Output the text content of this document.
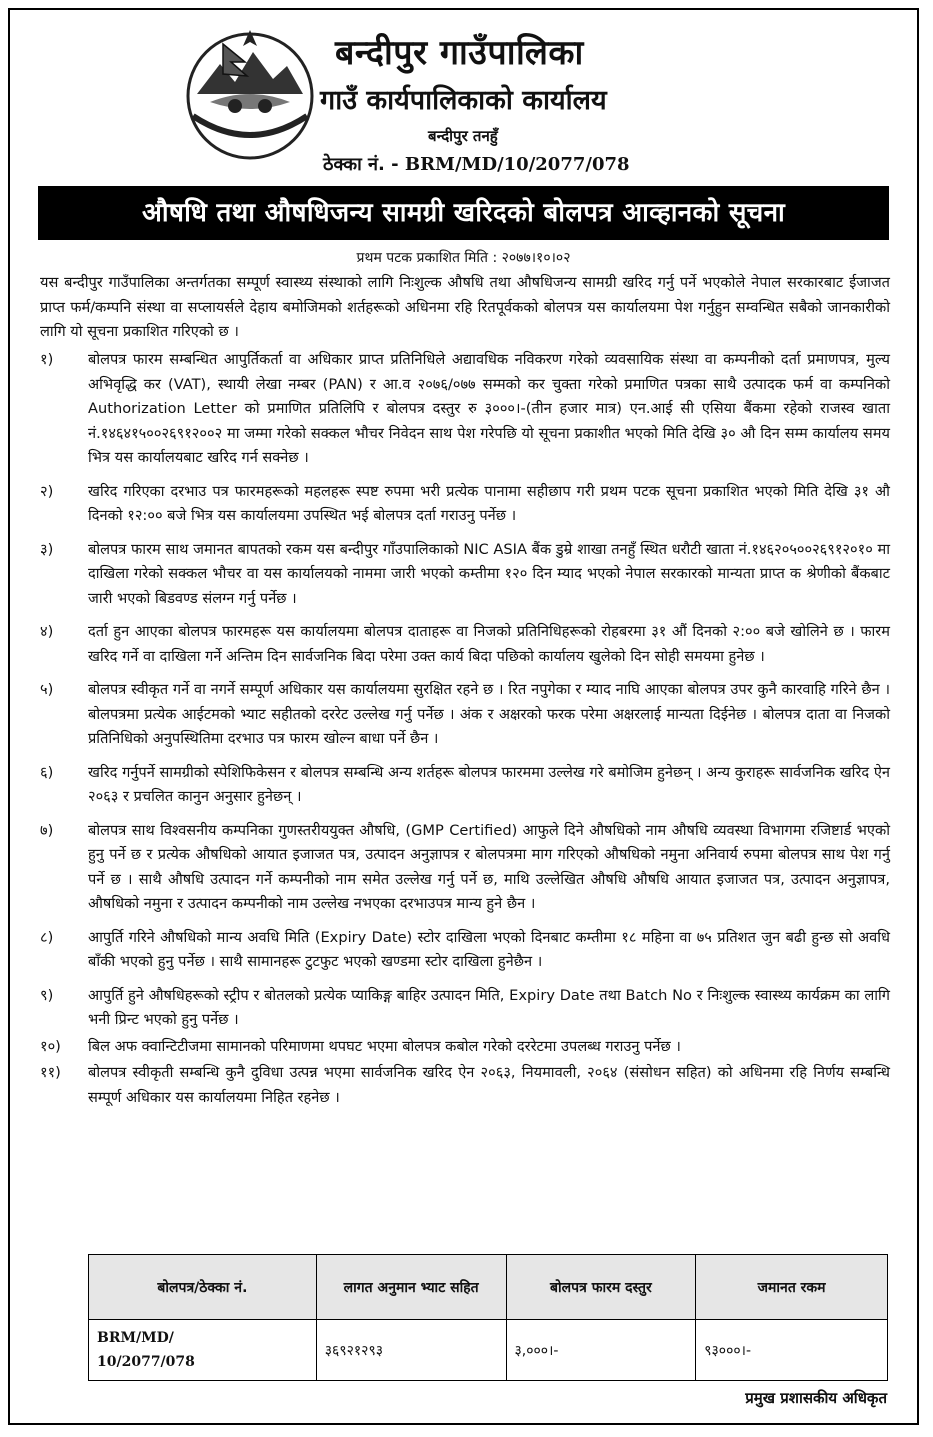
बन्दीपुर गाउँपालिका
गाउँ कार्यपालिकाको कार्यालय
बन्दीपुर तनहुँ
ठेक्का नं. - BRM/MD/10/2077/078
औषधि तथा औषधिजन्य सामग्री खरिदको बोलपत्र आव्हानको सूचना
प्रथम पटक प्रकाशित मिति : २०७७।१०।०२
यस बन्दीपुर गाउँपालिका अन्तर्गतका सम्पूर्ण स्वास्थ्य संस्थाको लागि निःशुल्क औषधि तथा औषधिजन्य सामग्री खरिद गर्नु पर्ने भएकोले नेपाल सरकारबाट ईजाजत प्राप्त फर्म/कम्पनि संस्था वा सप्लायर्सले देहाय बमोजिमको शर्तहरूको अधिनमा रहि रितपूर्वकको बोलपत्र यस कार्यालयमा पेश गर्नुहुन सम्वन्धित सबैको जानकारीको लागि यो सूचना प्रकाशित गरिएको छ ।
१)	बोलपत्र फारम सम्बन्धित आपुर्तिकर्ता वा अधिकार प्राप्त प्रतिनिधिले अद्यावधिक नविकरण गरेको व्यवसायिक संस्था वा कम्पनीको दर्ता प्रमाणपत्र, मुल्य अभिवृद्धि कर (VAT), स्थायी लेखा नम्बर (PAN) र आ.व २०७६/०७७ सम्मको कर चुक्ता गरेको प्रमाणित पत्रका साथै उत्पादक फर्म वा कम्पनिको Authorization Letter को प्रमाणित प्रतिलिपि र बोलपत्र दस्तुर रु ३०००।-(तीन हजार मात्र) एन.आई सी एसिया बैंकमा रहेको राजस्व खाता नं.१४६४१५००२६९१२००२ मा जम्मा गरेको सक्कल भौचर निवेदन साथ पेश गरेपछि यो सूचना प्रकाशीत भएको मिति देखि ३० औ दिन सम्म कार्यालय समय भित्र यस कार्यालयबाट खरिद गर्न सक्नेछ ।
२)	खरिद गरिएका दरभाउ पत्र फारमहरूको महलहरू स्पष्ट रुपमा भरी प्रत्येक पानामा सहीछाप गरी प्रथम पटक सूचना प्रकाशित भएको मिति देखि ३१ औ दिनको १२:०० बजे भित्र यस कार्यालयमा उपस्थित भई बोलपत्र दर्ता गराउनु पर्नेछ ।
३)	बोलपत्र फारम साथ जमानत बापतको रकम यस बन्दीपुर गाँउपालिकाको NIC ASIA बैंक डुम्रे शाखा तनहुँ स्थित धरौटी खाता नं.१४६२०५००२६९१२०१० मा दाखिला गरेको सक्कल भौचर वा यस कार्यालयको नाममा जारी भएको कम्तीमा १२० दिन म्याद भएको नेपाल सरकारको मान्यता प्राप्त क श्रेणीको बैंकबाट जारी भएको बिडवण्ड संलग्न गर्नु पर्नेछ ।
४)	दर्ता हुन आएका बोलपत्र फारमहरू यस कार्यालयमा बोलपत्र दाताहरू वा निजको प्रतिनिधिहरूको रोहबरमा ३१ औं दिनको २:०० बजे खोलिने छ । फारम खरिद गर्ने वा दाखिला गर्ने अन्तिम दिन सार्वजनिक बिदा परेमा उक्त कार्य बिदा पछिको कार्यालय खुलेको दिन सोही समयमा हुनेछ ।
५)	बोलपत्र स्वीकृत गर्ने वा नगर्ने सम्पूर्ण अधिकार यस कार्यालयमा सुरक्षित रहने छ । रित नपुगेका र म्याद नाघि आएका बोलपत्र उपर कुनै कारवाहि गरिने छैन । बोलपत्रमा प्रत्येक आईटमको भ्याट सहीतको दररेट उल्लेख गर्नु पर्नेछ । अंक र अक्षरको फरक परेमा अक्षरलाई मान्यता दिईनेछ । बोलपत्र दाता वा निजको प्रतिनिधिको अनुपस्थितिमा दरभाउ पत्र फारम खोल्न बाधा पर्ने छैन ।
६)	खरिद गर्नुपर्ने सामग्रीको स्पेशिफिकेसन र बोलपत्र सम्बन्धि अन्य शर्तहरू बोलपत्र फारममा उल्लेख गरे बमोजिम हुनेछन् । अन्य कुराहरू सार्वजनिक खरिद ऐन २०६३ र प्रचलित कानुन अनुसार हुनेछन् ।
७)	बोलपत्र साथ विश्वसनीय कम्पनिका गुणस्तरीययुक्त औषधि, (GMP Certified) आफुले दिने औषधिको नाम औषधि व्यवस्था विभागमा रजिष्टार्ड भएको हुनु पर्ने छ र प्रत्येक औषधिको आयात इजाजत पत्र, उत्पादन अनुज्ञापत्र र बोलपत्रमा माग गरिएको औषधिको नमुना अनिवार्य रुपमा बोलपत्र साथ पेश गर्नु पर्ने छ । साथै औषधि उत्पादन गर्ने कम्पनीको नाम समेत उल्लेख गर्नु पर्ने छ, माथि उल्लेखित औषधि औषधि आयात इजाजत पत्र, उत्पादन अनुज्ञापत्र, औषधिको नमुना र उत्पादन कम्पनीको नाम उल्लेख नभएका दरभाउपत्र मान्य हुने छैन ।
८)	आपुर्ति गरिने औषधिको मान्य अवधि मिति (Expiry Date) स्टोर दाखिला भएको दिनबाट कम्तीमा १८ महिना वा ७५ प्रतिशत जुन बढी हुन्छ सो अवधि बाँकी भएको हुनु पर्नेछ । साथै सामानहरू टुटफुट भएको खण्डमा स्टोर दाखिला हुनेछैन ।
९)	आपुर्ति हुने औषधिहरूको स्ट्रीप र बोतलको प्रत्येक प्याकिङ्ग बाहिर उत्पादन मिति, Expiry Date तथा Batch No र निःशुल्क स्वास्थ्य कार्यक्रम का लागि भनी प्रिन्ट भएको हुनु पर्नेछ ।
१०)	बिल अफ क्वान्टिटीजमा सामानको परिमाणमा थपघट भएमा बोलपत्र कबोल गरेको दररेटमा उपलब्ध गराउनु पर्नेछ ।
११)	बोलपत्र स्वीकृती सम्बन्धि कुनै दुविधा उत्पन्न भएमा सार्वजनिक खरिद ऐन २०६३, नियमावली, २०६४ (संसोधन सहित) को अधिनमा रहि निर्णय सम्बन्धि सम्पूर्ण अधिकार यस कार्यालयमा निहित रहनेछ ।
बोलपत्र/ठेक्का नं.	लागत अनुमान भ्याट सहित	बोलपत्र फारम दस्तुर	जमानत रकम

BRM/MD/
10/2077/078	३६९२१२९३	३,०००।-	९३०००।-
प्रमुख प्रशासकीय अधिकृत
